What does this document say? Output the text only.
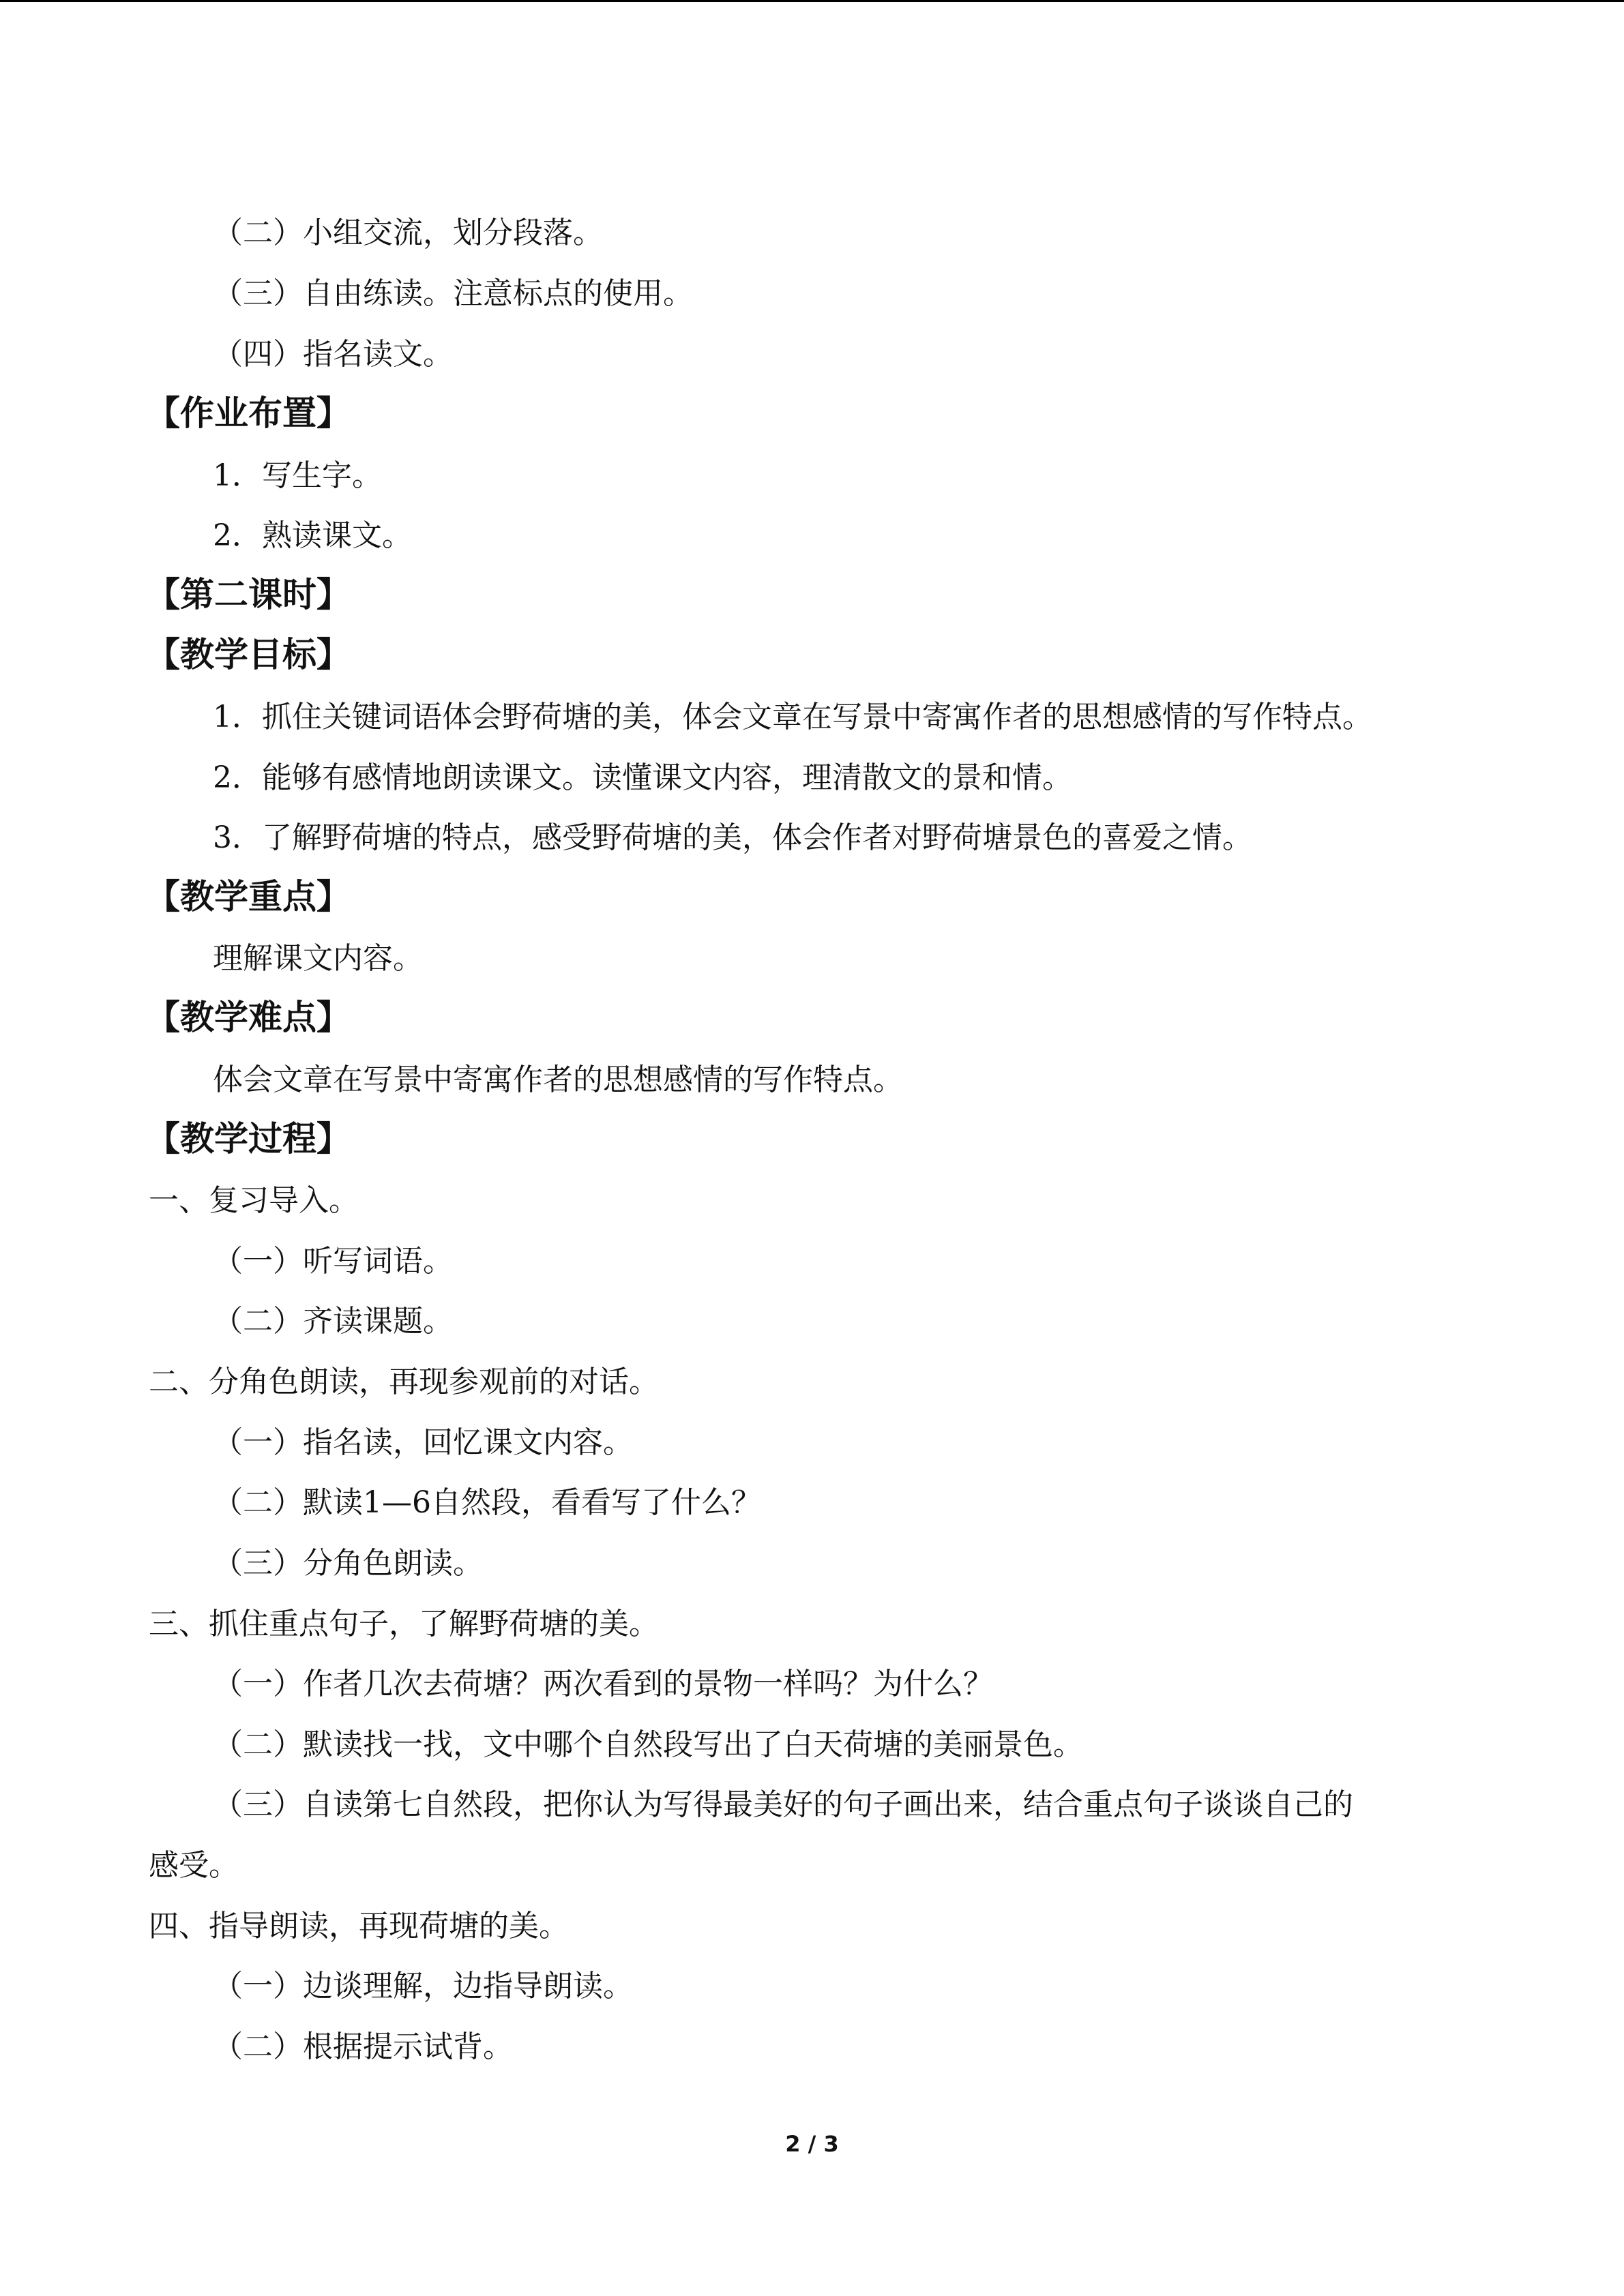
（二）小组交流，划分段落。
（三）自由练读。注意标点的使用。
（四）指名读文。
【作业布置】
1．写生字。
2．熟读课文。
【第二课时】
【教学目标】
1．抓住关键词语体会野荷塘的美，体会文章在写景中寄寓作者的思想感情的写作特点。
2．能够有感情地朗读课文。读懂课文内容，理清散文的景和情。
3．了解野荷塘的特点，感受野荷塘的美，体会作者对野荷塘景色的喜爱之情。
【教学重点】
理解课文内容。
【教学难点】
体会文章在写景中寄寓作者的思想感情的写作特点。
【教学过程】
一、复习导入。
（一）听写词语。
（二）齐读课题。
二、分角色朗读，再现参观前的对话。
（一）指名读，回忆课文内容。
（二）默读1—6自然段，看看写了什么？
（三）分角色朗读。
三、抓住重点句子，了解野荷塘的美。
（一）作者几次去荷塘？两次看到的景物一样吗？为什么？
（二）默读找一找，文中哪个自然段写出了白天荷塘的美丽景色。
（三）自读第七自然段，把你认为写得最美好的句子画出来，结合重点句子谈谈自己的
感受。
四、指导朗读，再现荷塘的美。
（一）边谈理解，边指导朗读。
（二）根据提示试背。
2 / 3
